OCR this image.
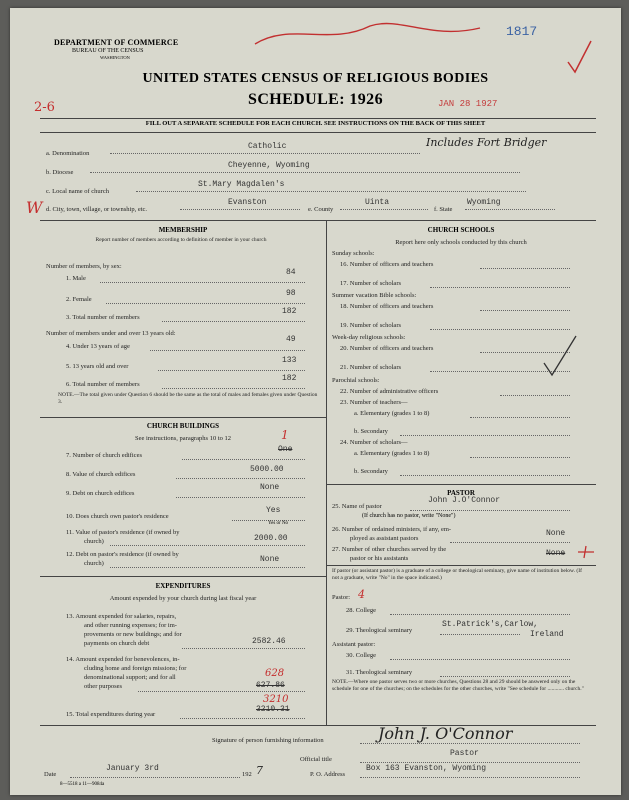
DEPARTMENT OF COMMERCE
BUREAU OF THE CENSUS
WASHINGTON
1817
UNITED STATES CENSUS OF RELIGIOUS BODIES
SCHEDULE: 1926	JAN 28 1927
2-6
FILL OUT A SEPARATE SCHEDULE FOR EACH CHURCH. SEE INSTRUCTIONS ON THE BACK OF THIS SHEET
a. Denomination
Catholic	Includes Fort Bridger
b. Diocese
Cheyenne, Wyoming
c. Local name of church
St.Mary Magdalen's
W d. City, town, village, or township, etc.
Evanston
e. County
Uinta
f. State
Wyoming
MEMBERSHIP
Report number of members according to definition of member in your church
Number of members, by sex:
1. Male
84
2. Female
98
3. Total number of members
182
Number of members under and over 13 years old:
4. Under 13 years of age
49
5. 13 years old and over
133
6. Total number of members
182
NOTE.—The total given under Question 6 should be the same as the total of males and females given under Question 3.
CHURCH BUILDINGS
See instructions, paragraphs 10 to 12	1
7. Number of church edifices
One
8. Value of church edifices
5000.00
9. Debt on church edifices
None
10. Does church own pastor's residence
Yes
Yes or No
11. Value of pastor's residence (if owned by
church)	2000.00
12. Debt on pastor's residence (if owned by
church)	None
EXPENDITURES
Amount expended by your church during last fiscal year
13. Amount expended for salaries, repairs,
and other running expenses; for im-
provements or new buildings; and for
payments on church debt	2582.46
14. Amount expended for benevolences, in-
cluding home and foreign missions; for
denominational support; and for all
other purposes
628
627.86
3210
15. Total expenditures during year
3210.31
CHURCH SCHOOLS
Report here only schools conducted by this church
Sunday schools:
16. Number of officers and teachers
17. Number of scholars
Summer vacation Bible schools:
18. Number of officers and teachers
19. Number of scholars
Week-day religious schools:
20. Number of officers and teachers
21. Number of scholars
Parochial schools:
22. Number of administrative officers
23. Number of teachers—
a. Elementary (grades 1 to 8)
b. Secondary
24. Number of scholars—
a. Elementary (grades 1 to 8)
b. Secondary
PASTOR
25. Name of pastor
John J.O'Connor
(If church has no pastor, write "None")
26. Number of ordained ministers, if any, em-
ployed as assistant pastors
None
27. Number of other churches served by the
pastor or his assistants
None
If pastor (or assistant pastor) is a graduate of a college or theological seminary, give name of institution below. (If not a graduate, write "No" in the space indicated.)
Pastor: 4
28. College
29. Theological seminary
St.Patrick's,Carlow,
Ireland
Assistant pastor:
30. College
31. Theological seminary
NOTE.—Where one pastor serves two or more churches, Questions 28 and 29 should be answered only on the schedule for one of the churches; on the schedules for the other churches, write "See schedule for ............ church."
Signature of person furnishing information	John J. O'Connor
Official title
Pastor
Date
January 3rd
192 7	P. O. Address
Box 163 Evanston, Wyoming
8—5518 a 11—9084a
